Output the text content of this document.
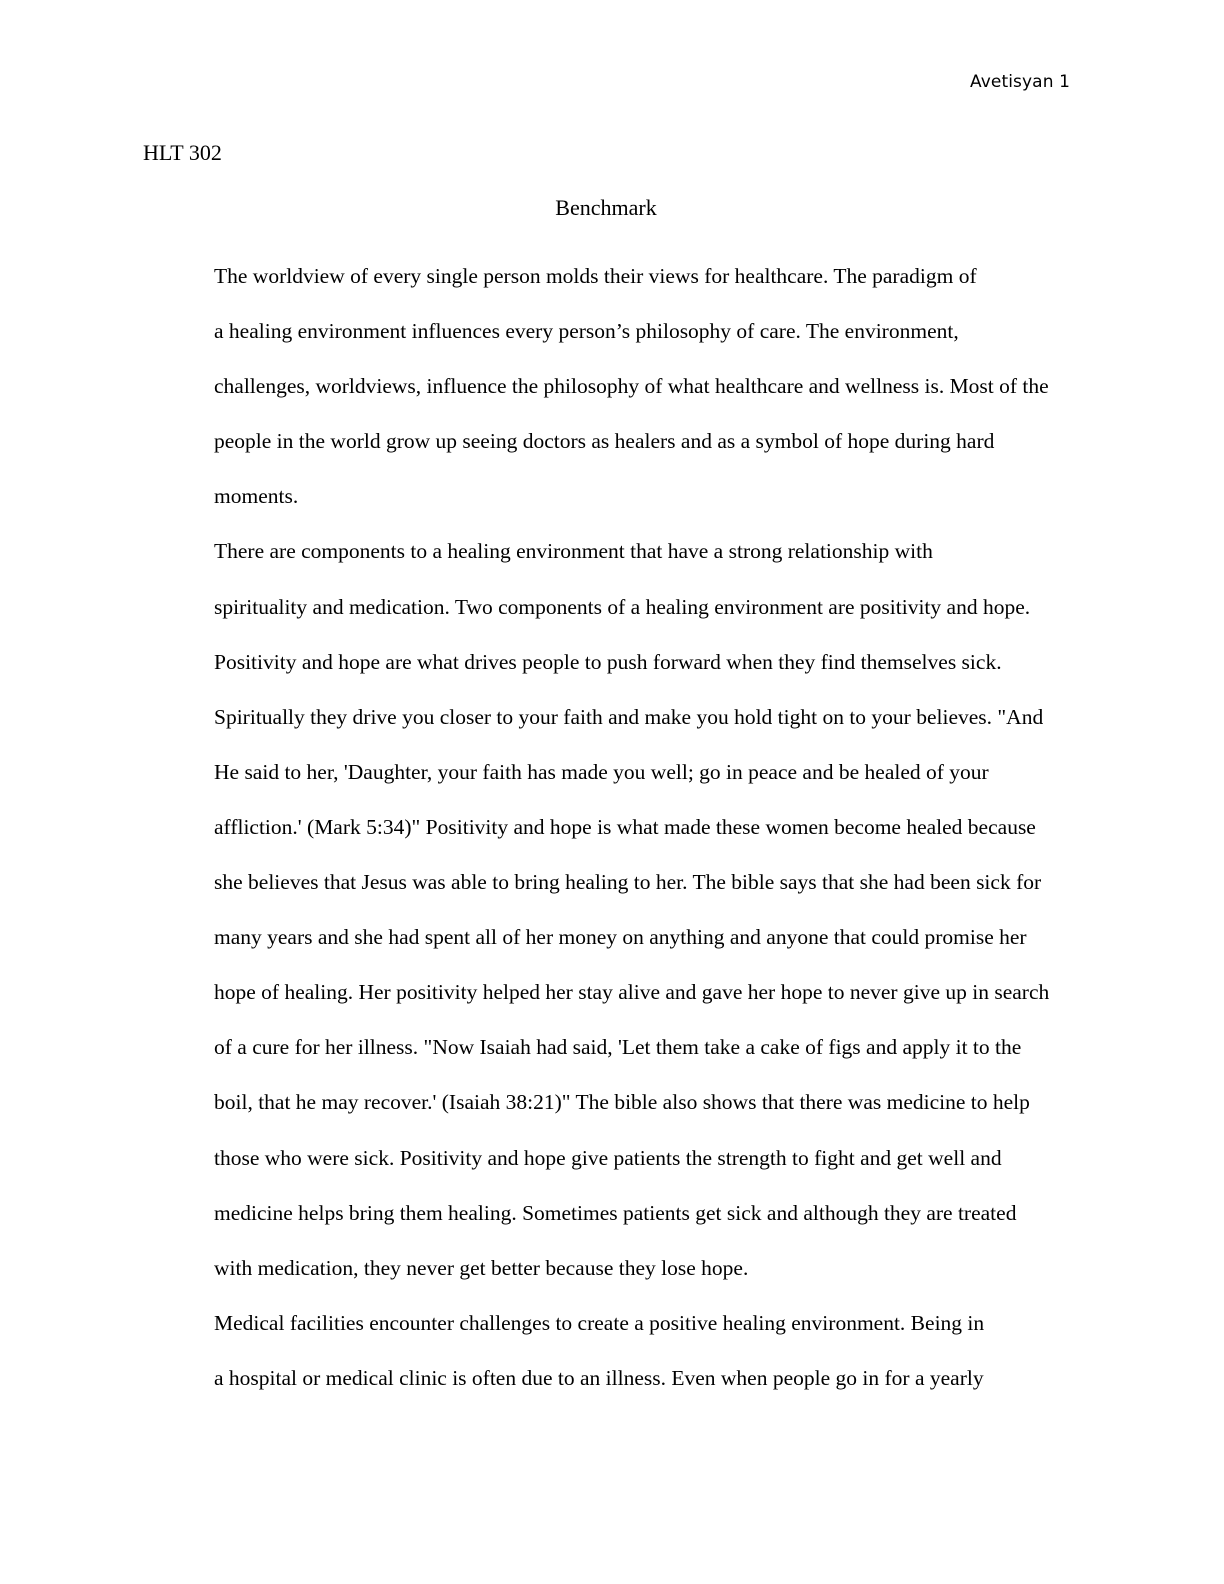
Avetisyan 1
HLT 302
Benchmark

The worldview of every single person molds their views for healthcare. The paradigm of
a healing environment influences every person’s philosophy of care. The environment,
challenges, worldviews, influence the philosophy of what healthcare and wellness is. Most of the
people in the world grow up seeing doctors as healers and as a symbol of hope during hard
moments.

There are components to a healing environment that have a strong relationship with
spirituality and medication. Two components of a healing environment are positivity and hope.
Positivity and hope are what drives people to push forward when they find themselves sick.
Spiritually they drive you closer to your faith and make you hold tight on to your believes. "And
He said to her, 'Daughter, your faith has made you well; go in peace and be healed of your
affliction.' (Mark 5:34)" Positivity and hope is what made these women become healed because
she believes that Jesus was able to bring healing to her. The bible says that she had been sick for
many years and she had spent all of her money on anything and anyone that could promise her
hope of healing. Her positivity helped her stay alive and gave her hope to never give up in search
of a cure for her illness. "Now Isaiah had said, 'Let them take a cake of figs and apply it to the
boil, that he may recover.' (Isaiah 38:21)" The bible also shows that there was medicine to help
those who were sick. Positivity and hope give patients the strength to fight and get well and
medicine helps bring them healing. Sometimes patients get sick and although they are treated
with medication, they never get better because they lose hope.

Medical facilities encounter challenges to create a positive healing environment. Being in
a hospital or medical clinic is often due to an illness. Even when people go in for a yearly
